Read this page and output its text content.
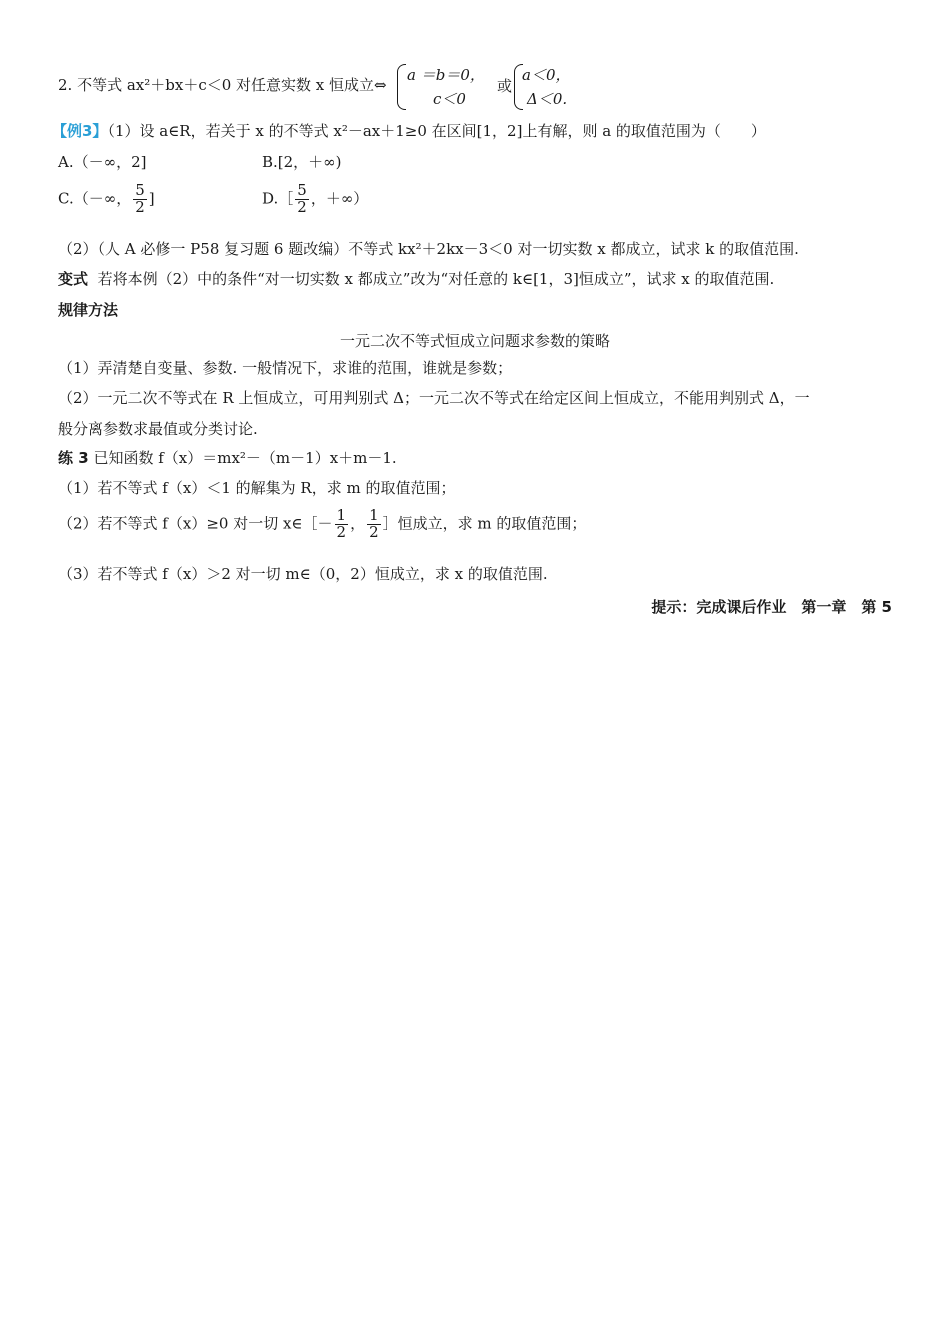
2. 不等式 ax²＋bx＋c＜0 对任意实数 x 恒成立⇔
a ＝b＝0，
c＜0
或
a＜0，
Δ＜0.
【例3】（1）设 a∈R，若关于 x 的不等式 x²－ax＋1≥0 在区间[1，2]上有解，则 a 的取值范围为（　　）
A.（－∞，2]	B.[2，＋∞)
C.（－∞， $\frac{5}{2}$ ]	D.［ $\frac{5}{2}$ ，＋∞）
（2）（人 A 必修一 P58 复习题 6 题改编）不等式 kx²＋2kx－3＜0 对一切实数 x 都成立，试求 k 的取值范围.
变式 若将本例（2）中的条件“对一切实数 x 都成立”改为“对任意的 k∈[1，3]恒成立”，试求 x 的取值范围.
规律方法
一元二次不等式恒成立问题求参数的策略
（1）弄清楚自变量、参数. 一般情况下，求谁的范围，谁就是参数；
（2）一元二次不等式在 R 上恒成立，可用判别式 Δ；一元二次不等式在给定区间上恒成立，不能用判别式 Δ，一
般分离参数求最值或分类讨论.
练 3 已知函数 f（x）＝mx²－（m－1）x＋m－1.
（1）若不等式 f（x）＜1 的解集为 R，求 m 的取值范围；
（2）若不等式 f（x）≥0 对一切 x∈［－ $\frac{1}{2}$ ， $\frac{1}{2}$ ］恒成立，求 m 的取值范围；
（3）若不等式 f（x）＞2 对一切 m∈（0，2）恒成立，求 x 的取值范围.
提示：完成课后作业　第一章　第 5
